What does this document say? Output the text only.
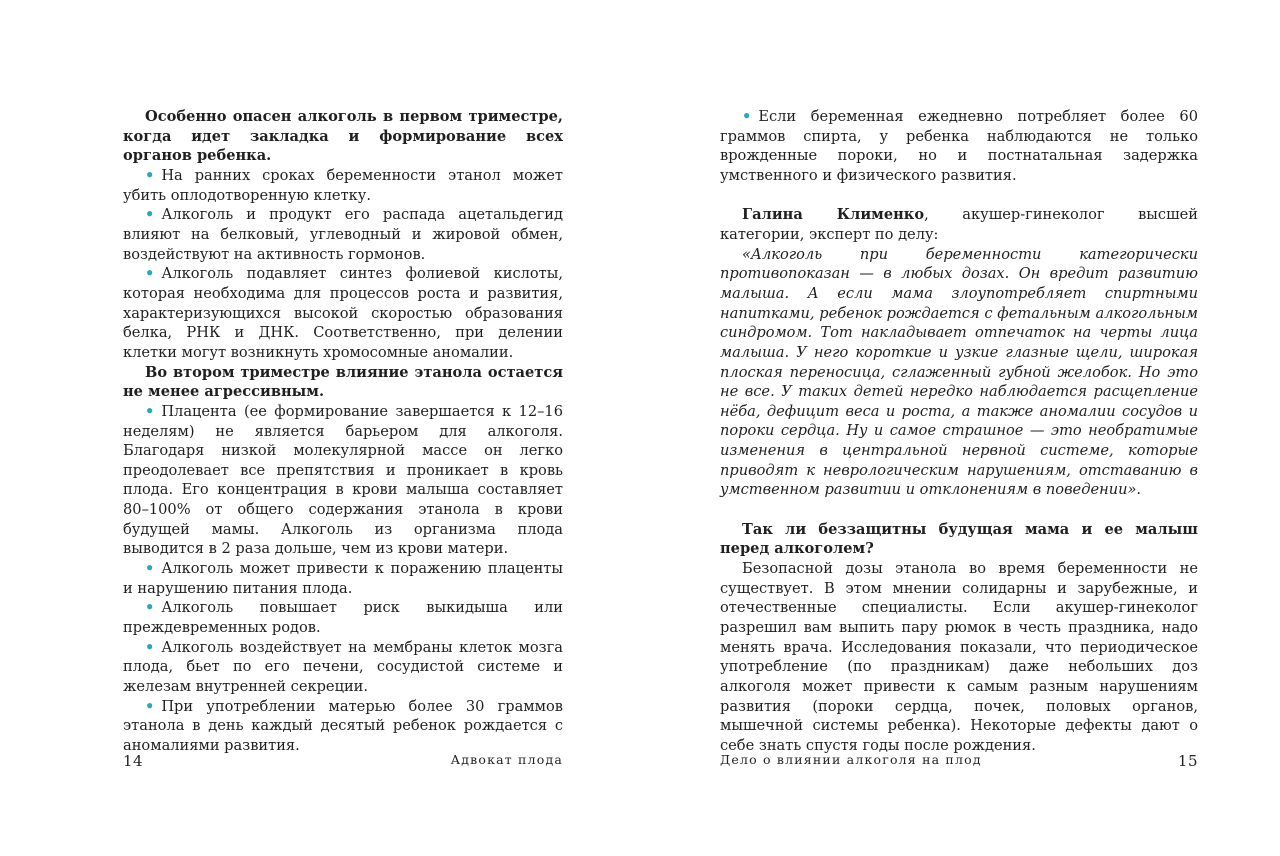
Особенно опасен алкоголь в первом триместре, когда идет закладка и формирование всех органов ребенка.

• На ранних сроках беременности этанол может убить оплодотворенную клетку.

• Алкоголь и продукт его распада ацетальдегид влияют на белковый, углеводный и жировой обмен, воздействуют на активность гормонов.

• Алкоголь подавляет синтез фолиевой кислоты, которая необходима для процессов роста и развития, характеризующихся высокой скоростью образования белка, РНК и ДНК. Соответственно, при делении клетки могут возникнуть хромосомные аномалии.

Во втором триместре влияние этанола остается не менее агрессивным.

• Плацента (ее формирование завершается к 12–16 неделям) не является барьером для алкоголя. Благодаря низкой молекулярной массе он легко преодолевает все препятствия и проникает в кровь плода. Его концентрация в крови малыша составляет 80–100% от общего содержания этанола в крови будущей мамы. Алкоголь из организма плода выводится в 2 раза дольше, чем из крови матери.

• Алкоголь может привести к поражению плаценты и нарушению питания плода.

• Алкоголь повышает риск выкидыша или преждевременных родов.

• Алкоголь воздействует на мембраны клеток мозга плода, бьет по его печени, сосудистой системе и железам внутренней секреции.

• При употреблении матерью более 30 граммов этанола в день каждый десятый ребенок рождается с аномалиями развития.

14	Адвокат плода

• Если беременная ежедневно потребляет более 60 граммов спирта, у ребенка наблюдаются не только врожденные пороки, но и постнатальная задержка умственного и физического развития.

Галина Клименко, акушер-гинеколог высшей категории, эксперт по делу:

«Алкоголь при беременности категорически противопоказан — в любых дозах. Он вредит развитию малыша. А если мама злоупотребляет спиртными напитками, ребенок рождается с фетальным алкогольным синдромом. Тот накладывает отпечаток на черты лица малыша. У него короткие и узкие глазные щели, широкая плоская переносица, сглаженный губной желобок. Но это не все. У таких детей нередко наблюдается расщепление нёба, дефицит веса и роста, а также аномалии сосудов и пороки сердца. Ну и самое страшное — это необратимые изменения в центральной нервной системе, которые приводят к неврологическим нарушениям, отставанию в умственном развитии и отклонениям в поведении».

Так ли беззащитны будущая мама и ее малыш перед алкоголем?

Безопасной дозы этанола во время беременности не существует. В этом мнении солидарны и зарубежные, и отечественные специалисты. Если акушер-гинеколог разрешил вам выпить пару рюмок в честь праздника, надо менять врача. Исследования показали, что периодическое употребление (по праздникам) даже небольших доз алкоголя может привести к самым разным нарушениям развития (пороки сердца, почек, половых органов, мышечной системы ребенка). Некоторые дефекты дают о себе знать спустя годы после рождения.

Дело о влиянии алкоголя на плод	15
